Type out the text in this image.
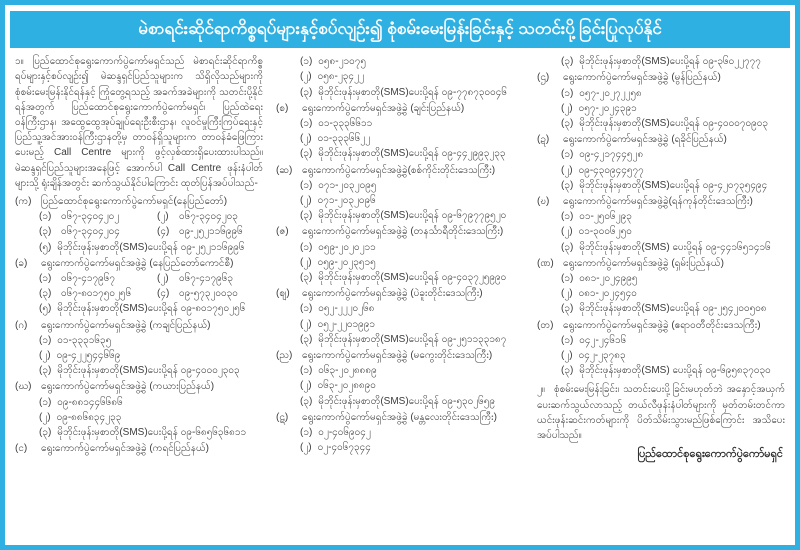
မဲစာရင်းဆိုင်ရာကိစ္စရပ်များနှင့်စပ်လျဉ်း၍ စုံစမ်းမေးမြန်းခြင်းနှင့် သတင်းပို့ခြင်းပြုလုပ်နိုင်
၁။ ပြည်ထောင်စုရွေးကောက်ပွဲကော်မရှင်သည် မဲစာရင်းဆိုင်ရာကိစ္စရပ်များနှင့်စပ်လျဉ်း၍ မဲဆန္ဒရှင်ပြည်သူများက သိရှိလိုသည်များကို စုံစမ်းမေးမြန်းနိုင်ရန်နှင့် ကြုံတွေ့ရသည့် အခက်အခဲများကို သတင်းပို့နိုင်ရန်အတွက် ပြည်ထောင်စုရွေးကောက်ပွဲကော်မရှင်၊ ပြည်ထဲရေးဝန်ကြီးဌာန၊ အထွေထွေအုပ်ချုပ်ရေးဦးစီးဌာန၊ လူဝင်မှုကြီးကြပ်ရေးနှင့် ပြည်သူ့အင်အားဝန်ကြီးဌာနတို့မှ တာဝန်ရှိသူများက တာဝန်ခံဖြေကြားပေးမည့် Call Centre များကို ဖွင့်လှစ်ထားရှိပေးထားပါသည်။ မဲဆန္ဒရှင်ပြည်သူများအနေဖြင့် အောက်ပါ Call Centre ဖုန်းနံပါတ်များသို့ ရုံးချိန်အတွင်း ဆက်သွယ်နိုင်ပါကြောင်း ထုတ်ပြန်အပ်ပါသည်-
(က) ပြည်ထောင်စုရွေးကောက်ပွဲကော်မရှင်(နေပြည်တော်)
(၁) ၀၆၇-၃၄၀၄၂၀၂	(၂)	၀၆၇-၃၄၀၄၂၀၃
(၃) ၀၆၇-၃၄၀၄၂၀၄	(၄) ၀၉-၂၅၂၁၁၆၉၉၆
(၅) မိုဘိုင်းဖုန်းမှစာတို(SMS)ပေးပို့ရန် ၀၉-၂၅၂၁၁၆၉၉၆
(ခ)	ရွေးကောက်ပွဲကော်မရှင်အဖွဲ့ခွဲ (နေပြည်တော်ကောင်စီ)
(၁) ၀၆၇-၄၁၇၉၆၇	(၂)	၀၆၇-၄၁၇၉၆၃
(၃) ၀၆၇-၈၀၁၇၅၀၂၅၆	(၄) ၀၉-၅၇၃၂၀၀၃၀
(၅) မိုဘိုင်းဖုန်းမှစာတို(SMS)ပေးပို့ရန် ၀၉-၈၀၁၇၅၀၂၅၆
(ဂ)	ရွေးကောက်ပွဲကော်မရှင်အဖွဲ့ခွဲ (ကချင်ပြည်နယ်)
(၁) ၀၁-၃၃၃၁၆၃၅
(၂) ၀၉-၄၂၂၅၄၄၆၆၉
(၃) မိုဘိုင်းဖုန်းမှစာတို(SMS)ပေးပို့ရန် ၀၉-၄၀၀၀၂၃၀၃
(ဃ) ရွေးကောက်ပွဲကော်မရှင်အဖွဲ့ခွဲ (ကယားပြည်နယ်)
(၁) ၀၉-၈၈၁၄၄၆၆၈၆
(၂) ၀၉-၈၈၆၈၃၄၂၃၃
(၃) မိုဘိုင်းဖုန်းမှစာတို(SMS)ပေးပို့ရန် ၀၉-၆၈၅၆၃၆၈၁၁
(င)	ရွေးကောက်ပွဲကော်မရှင်အဖွဲ့ခွဲ (ကရင်ပြည်နယ်)
(၁) ၀၅၈-၂၁၀၇၅
(၂) ၀၅၈-၂၃၄၂၂
(၃) မိုဘိုင်းဖုန်းမှစာတို(SMS)ပေးပို့ရန် ၀၉-၇၇၈၇၃၀၀၄၆
(စ)	ရွေးကောက်ပွဲကော်မရှင်အဖွဲ့ခွဲ (ချင်းပြည်နယ်)
(၁) ၀၁-၃၃၃၆၆၁၁
(၂) ၀၁-၃၃၃၆၆၂၂
(၃) မိုဘိုင်းဖုန်းမှစာတို(SMS)ပေးပို့ရန် ၀၉-၄၄၂၉၉၃၂၃၃
(ဆ) ရွေးကောက်ပွဲကော်မရှင်အဖွဲ့ခွဲ(စစ်ကိုင်းတိုင်းဒေသကြီး)
(၁) ၀၇၁-၂၀၃၂၀၉၅
(၂) ၀၇၁-၂၀၃၂၀၉၆
(၃) မိုဘိုင်းဖုန်းမှစာတို(SMS)ပေးပို့ရန် ၀၉-၆၇၉၇၇၉၅၂၀
(ဇ)	ရွေးကောက်ပွဲကော်မရှင်အဖွဲ့ခွဲ (တနင်္သာရီတိုင်းဒေသကြီး)
(၁) ၀၅၉-၂၀၂၀၂၁၁
(၂) ၀၅၉-၂၀၂၃၅၁၅
(၃) မိုဘိုင်းဖုန်းမှစာတို(SMS)ပေးပို့ရန် ၀၉-၄၀၃၇၂၅၉၉၀
(ဈ)	ရွေးကောက်ပွဲကော်မရှင်အဖွဲ့ခွဲ (ပဲခူးတိုင်းဒေသကြီး)
(၁) ၀၅၂-၂၂၂၀၂၆၈
(၂) ၀၅၂-၂၂၀၁၉၉၁
(၃) မိုဘိုင်းဖုန်းမှစာတို(SMS)ပေးပို့ရန် ၀၉-၂၅၁၁၃၃၁၈၇
(ည) ရွေးကောက်ပွဲကော်မရှင်အဖွဲ့ခွဲ (မကွေးတိုင်းဒေသကြီး)
(၁) ၀၆၃-၂၀၂၈၈၈၉
(၂) ၀၆၃-၂၀၂၈၈၉၀
(၃) မိုဘိုင်းဖုန်းမှစာတို(SMS)ပေးပို့ရန် ၀၉-၅၃၀၂၆၅၉
(ဋ)	ရွေးကောက်ပွဲကော်မရှင်အဖွဲ့ခွဲ (မန္တလေးတိုင်းဒေသကြီး)
(၁) ၀၂-၄၀၆၉၀၄၂
(၂) ၀၂-၄၀၆၇၃၄၄
(၃) မိုဘိုင်းဖုန်းမှစာတို(SMS)ပေးပို့ရန် ၀၉-၃၆၀၂၂၇၇၇
(ဌ)	ရွေးကောက်ပွဲကော်မရှင်အဖွဲ့ခွဲ (မွန်ပြည်နယ်)
(၁) ၀၅၇-၂၀၂၇၂၂၅၈
(၂) ၀၅၇-၂၀၂၄၃၉၁
(၃) မိုဘိုင်းဖုန်းမှစာတို(SMS)ပေးပို့ရန် ၀၉-၄၀၀၀၇၀၉၀၃
(ဍ)	ရွေးကောက်ပွဲကော်မရှင်အဖွဲ့ခွဲ (ရခိုင်ပြည်နယ်)
(၁) ၀၉-၄၂၁၇၄၄၅၂၈
(၂) ၀၉-၄၃၀၉၄၄၅၇၇
(၃) မိုဘိုင်းဖုန်းမှစာတို(SMS)ပေးပို့ရန် ၀၉-၄၂၀၇၃၅၄၉၄
(ဎ)	ရွေးကောက်ပွဲကော်မရှင်အဖွဲ့ခွဲ(ရန်ကုန်တိုင်းဒေသကြီး)
(၁) ၀၁-၂၅၀၆၂၉၃
(၂) ၀၁-၃၀၀၆၂၅၀
(၃) မိုဘိုင်းဖုန်းမှစာတို(SMS) ပေးပို့ရန် ၀၉-၄၄၁၆၅၁၄၁၆
(ဏ) ရွေးကောက်ပွဲကော်မရှင်အဖွဲ့ခွဲ (ရှမ်းပြည်နယ်)
(၁) ၀၈၁-၂၀၂၄၉၉၅
(၂) ၀၈၁-၂၀၂၄၅၄၀
(၃) မိုဘိုင်းဖုန်းမှစာတို(SMS)ပေးပို့ရန် ၀၉-၂၅၄၂၀၀၅၀၈
(တ) ရွေးကောက်ပွဲကော်မရှင်အဖွဲ့ခွဲ (ဧရာဝတီတိုင်းဒေသကြီး)
(၁) ၀၄၂-၂၄၆၁၆
(၂) ၀၄၂-၂၃၇၈၃
(၃) မိုဘိုင်းဖုန်းမှစာတို(SMS) ပေးပို့ရန် ၀၉-၆၉၅၈၃၇၀၃၀
၂။ စုံစမ်းမေးမြန်းခြင်း၊ သတင်းပေးပို့ခြင်းမဟုတ်ဘဲ အနှောင့်အယှက်ပေးဆက်သွယ်လာသည့် တယ်လီဖုန်းနံပါတ်များကို မှတ်တမ်းတင်ကာ ယင်းဖုန်းဆင်းကတ်များကို ပိတ်သိမ်းသွားမည်ဖြစ်ကြောင်း အသိပေးအပ်ပါသည်။
ပြည်ထောင်စုရွေးကောက်ပွဲကော်မရှင်
